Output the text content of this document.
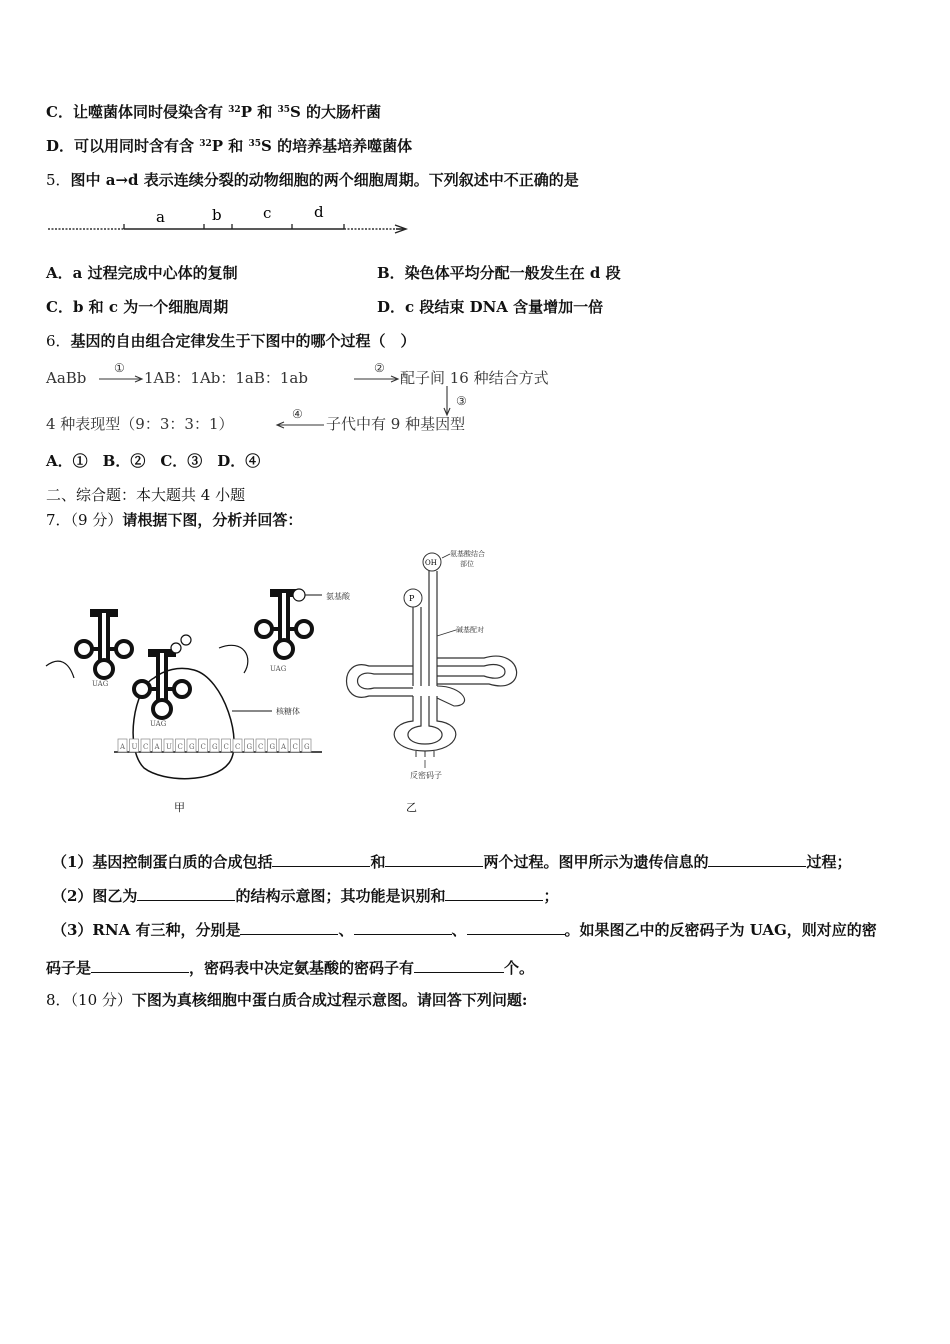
C．让噬菌体同时侵染含有 $^{32}$P 和 $^{35}$S 的大肠杆菌
D．可以用同时含有含 $^{32}$P 和 $^{35}$S 的培养基培养噬菌体
5．图中 a→d 表示连续分裂的动物细胞的两个细胞周期。下列叙述中不正确的是
a	b	c	d
A．a 过程完成中心体的复制	B．染色体平均分配一般发生在 d 段
C．b 和 c 为一个细胞周期	D．c 段结束 DNA 含量增加一倍
6．基因的自由组合定律发生于下图中的哪个过程（　）
AaBb
①
1AB：1Ab：1aB：1ab
②
配子间 16 种结合方式
③
子代中有 9 种基因型
④
4 种表现型（9：3：3：1）
A．①　B．②　C．③　D．④
二、综合题：本大题共 4 小题
7．（9 分）请根据下图，分析并回答：
氨基酸
UAG
UAG
UAG
核糖体
A U C A U C G C G C C G C G A C G
甲
OH
氨基酸结合
部位
P
反密码子
碱基配对
乙
（1）基因控制蛋白质的合成包括	和	两个过程。图甲所示为遗传信息的	过程；
（2）图乙为	的结构示意图；其功能是识别和	；
（3）RNA 有三种，分别是	、	、	。如果图乙中的反密码子为 UAG，则对应的密
码子是	，密码表中决定氨基酸的密码子有	个。
8．（10 分）下图为真核细胞中蛋白质合成过程示意图。请回答下列问题:
